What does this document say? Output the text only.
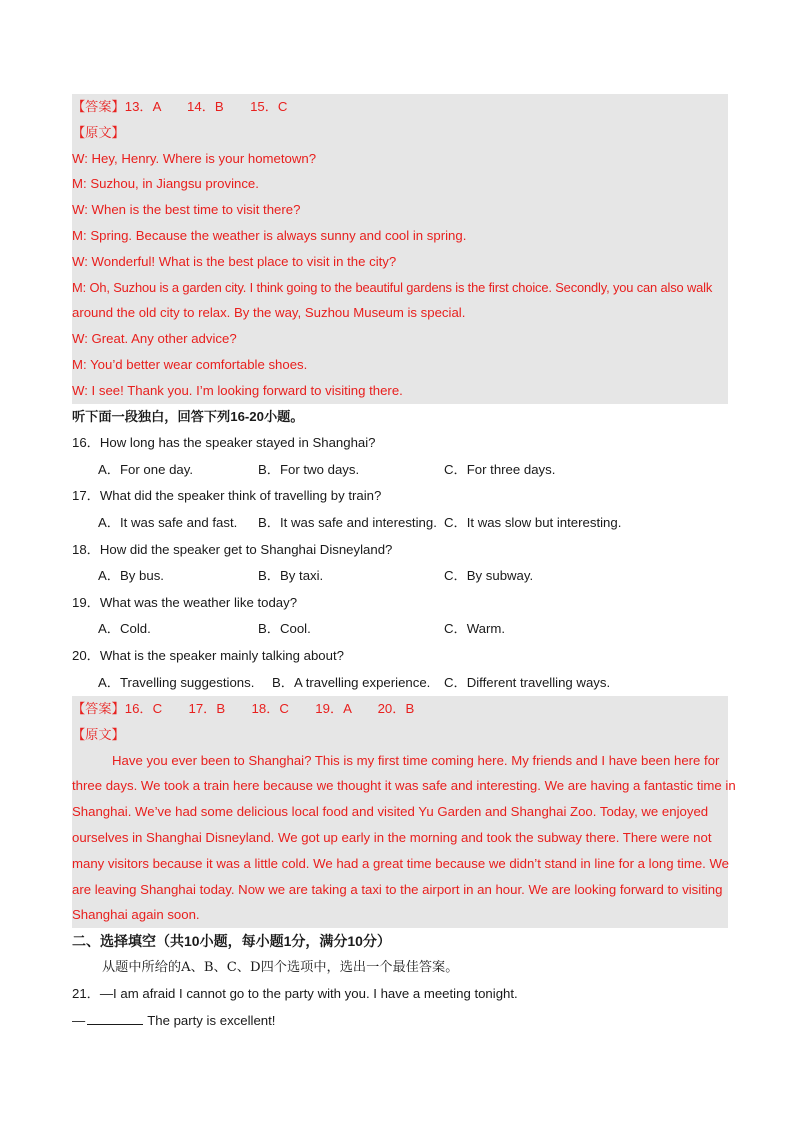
【答案】13．A　　14．B　　15．C
【原文】
W: Hey, Henry. Where is your hometown?
M: Suzhou, in Jiangsu province.
W: When is the best time to visit there?
M: Spring. Because the weather is always sunny and cool in spring.
W: Wonderful! What is the best place to visit in the city?
M: Oh, Suzhou is a garden city. I think going to the beautiful gardens is the first choice. Secondly, you can also walk
around the old city to relax. By the way, Suzhou Museum is special.
W: Great. Any other advice?
M: You’d better wear comfortable shoes.
W: I see! Thank you. I’m looking forward to visiting there.
听下面一段独白，回答下列16-20小题。
16．How long has the speaker stayed in Shanghai?
A．For one day.	B．For two days.	C．For three days.
17．What did the speaker think of travelling by train?
A．It was safe and fast. B．It was safe and interesting. C．It was slow but interesting.
18．How did the speaker get to Shanghai Disneyland?
A．By bus.	B．By taxi.	C．By subway.
19．What was the weather like today?
A．Cold.	B．Cool.	C．Warm.
20．What is the speaker mainly talking about?
A．Travelling suggestions. B．A travelling experience. C．Different travelling ways.
【答案】16．C　　17．B　　18．C　　19．A　　20．B
【原文】
Have you ever been to Shanghai? This is my first time coming here. My friends and I have been here for
three days. We took a train here because we thought it was safe and interesting. We are having a fantastic time in
Shanghai. We’ve had some delicious local food and visited Yu Garden and Shanghai Zoo. Today, we enjoyed
ourselves in Shanghai Disneyland. We got up early in the morning and took the subway there. There were not
many visitors because it was a little cold. We had a great time because we didn’t stand in line for a long time. We
are leaving Shanghai today. Now we are taking a taxi to the airport in an hour. We are looking forward to visiting
Shanghai again soon.
二、选择填空（共10小题，每小题1分，满分10分）
从题中所给的A、B、C、D四个选项中，选出一个最佳答案。
21．—I am afraid I cannot go to the party with you. I have a meeting tonight.
—	The party is excellent!
